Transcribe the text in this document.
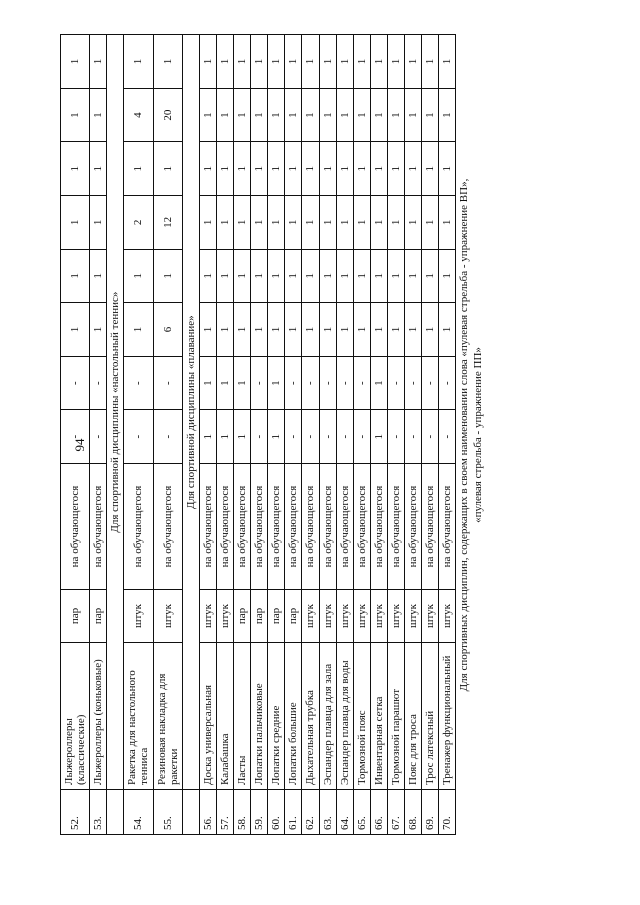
94
52.	Лыжероллеры (классические)	пар	на обучающегося	-	-	1	1	1	1	1	1
53.	Лыжероллеры (коньковые)	пар	на обучающегося	-	-	1	1	1	1	1	1
	Для спортивной дисциплины «настольный теннис»										
54.	Ракетка для настольного тенниса	штук	на обучающегося	-	-	1	1	2	1	4	1
55.	Резиновая накладка для ракетки	штук	на обучающегося	-	-	6	1	12	1	20	1
	Для спортивной дисциплины «плавание»										
56.	Доска универсальная	штук	на обучающегося	1	1	1	1	1	1	1	1
57.	Калабашка	штук	на обучающегося	1	1	1	1	1	1	1	1
58.	Ласты	пар	на обучающегося	1	1	1	1	1	1	1	1
59.	Лопатки пальчиковые	пар	на обучающегося	-	-	1	1	1	1	1	1
60.	Лопатки средние	пар	на обучающегося	1	1	1	1	1	1	1	1
61.	Лопатки большие	пар	на обучающегося	-	-	1	1	1	1	1	1
62.	Дыхательная трубка	штук	на обучающегося	-	-	1	1	1	1	1	1
63.	Эспандер плавца для зала	штук	на обучающегося	-	-	1	1	1	1	1	1
64.	Эспандер плавца для воды	штук	на обучающегося	-	-	1	1	1	1	1	1
65.	Тормозной пояс	штук	на обучающегося	-	-	1	1	1	1	1	1
66.	Инвентарная сетка	штук	на обучающегося	1	1	1	1	1	1	1	1
67.	Тормозной парашют	штук	на обучающегося	-	-	1	1	1	1	1	1
68.	Пояс для троса	штук	на обучающегося	-	-	1	1	1	1	1	1
69.	Трос латексный	штук	на обучающегося	-	-	1	1	1	1	1	1
70.	Тренажер функциональный	штук	на обучающегося	-	-	1	1	1	1	1	1
Для спортивных дисциплин, содержащих в своем наименовании слова «пулевая стрельба - упражнение ВП», «пулевая стрельба - упражнение ПП»
